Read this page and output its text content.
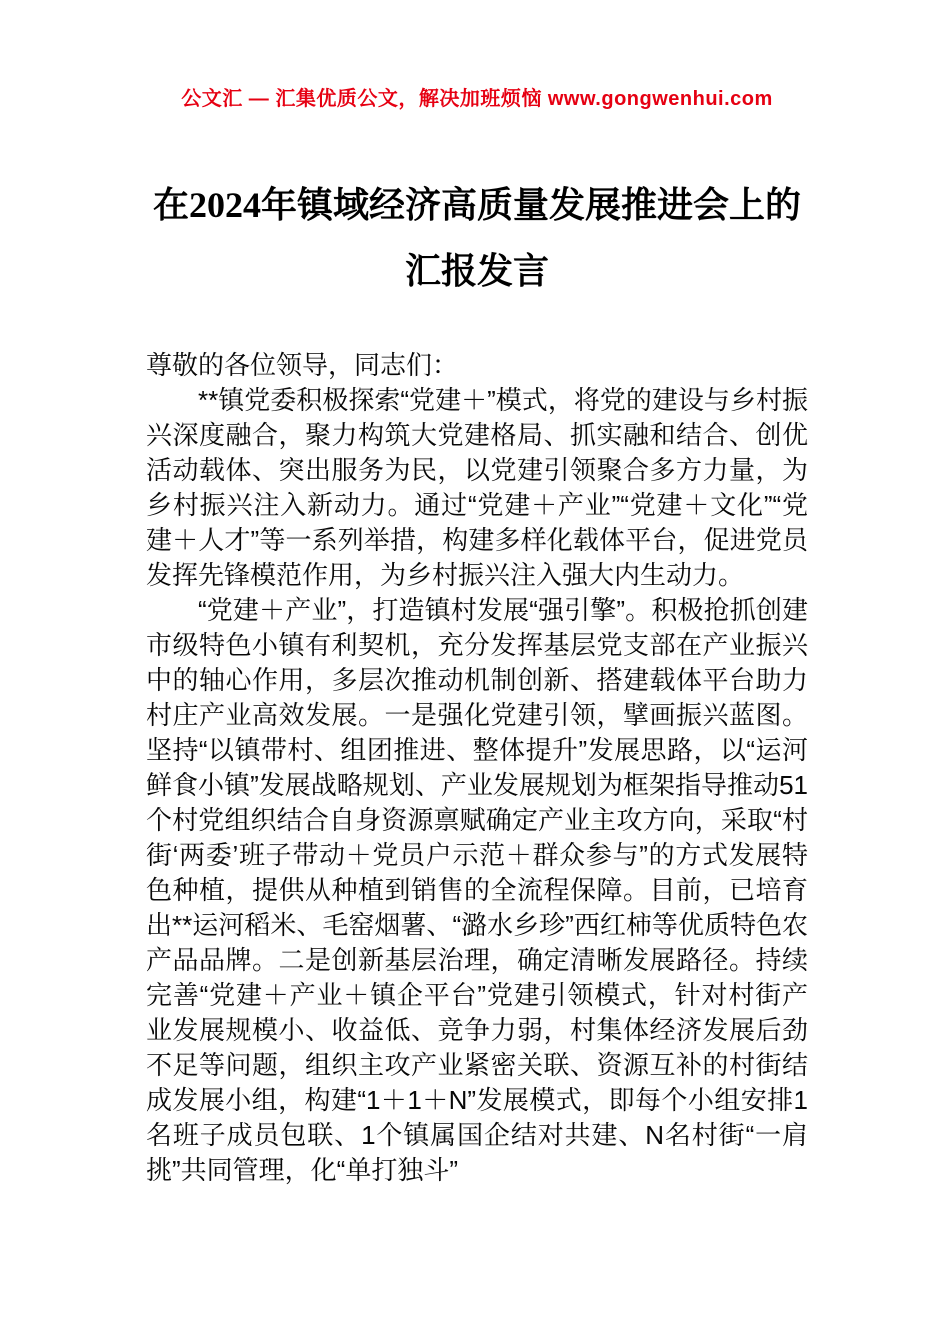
公文汇 — 汇集优质公文，解决加班烦恼 www.gongwenhui.com
在2024年镇域经济高质量发展推进会上的汇报发言

尊敬的各位领导，同志们：

**镇党委积极探索“党建＋”模式，将党的建设与乡村振兴深度融合，聚力构筑大党建格局、抓实融和结合、创优活动载体、突出服务为民，以党建引领聚合多方力量，为乡村振兴注入新动力。通过“党建＋产业”“党建＋文化”“党建＋人才”等一系列举措，构建多样化载体平台，促进党员发挥先锋模范作用，为乡村振兴注入强大内生动力。

“党建＋产业”，打造镇村发展“强引擎”。积极抢抓创建市级特色小镇有利契机，充分发挥基层党支部在产业振兴中的轴心作用，多层次推动机制创新、搭建载体平台助力村庄产业高效发展。一是强化党建引领，擘画振兴蓝图。坚持“以镇带村、组团推进、整体提升”发展思路，以“运河鲜食小镇”发展战略规划、产业发展规划为框架指导推动51个村党组织结合自身资源禀赋确定产业主攻方向，采取“村街‘两委’班子带动＋党员户示范＋群众参与”的方式发展特色种植，提供从种植到销售的全流程保障。目前，已培育出**运河稻米、毛窑烟薯、“潞水乡珍”西红柿等优质特色农产品品牌。二是创新基层治理，确定清晰发展路径。持续完善“党建＋产业＋镇企平台”党建引领模式，针对村街产业发展规模小、收益低、竞争力弱，村集体经济发展后劲不足等问题，组织主攻产业紧密关联、资源互补的村街结成发展小组，构建“1＋1＋N”发展模式，即每个小组安排1名班子成员包联、1个镇属国企结对共建、N名村街“一肩挑”共同管理，化“单打独斗”
